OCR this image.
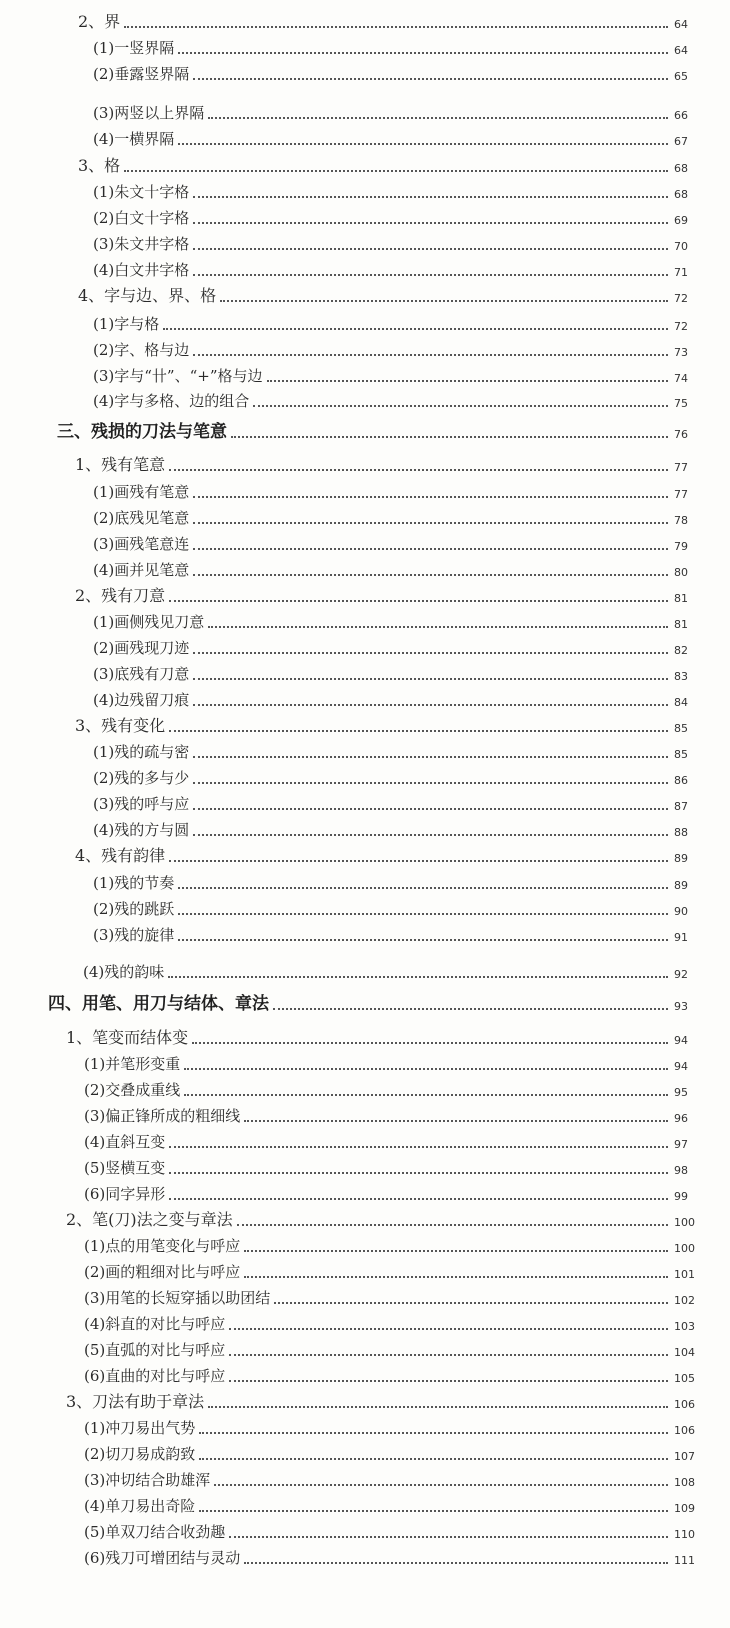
2、界	64
(1)一竖界隔	64
(2)垂露竖界隔	65
(3)两竖以上界隔	66
(4)一横界隔	67
3、格	68
(1)朱文十字格	68
(2)白文十字格	69
(3)朱文井字格	70
(4)白文井字格	71
4、字与边、界、格	72
(1)字与格	72
(2)字、格与边	73
(3)字与“卄”、“+”格与边	74
(4)字与多格、边的组合	75
三、残损的刀法与笔意	76
1、残有笔意	77
(1)画残有笔意	77
(2)底残见笔意	78
(3)画残笔意连	79
(4)画并见笔意	80
2、残有刀意	81
(1)画侧残见刀意	81
(2)画残现刀迹	82
(3)底残有刀意	83
(4)边残留刀痕	84
3、残有变化	85
(1)残的疏与密	85
(2)残的多与少	86
(3)残的呼与应	87
(4)残的方与圆	88
4、残有韵律	89
(1)残的节奏	89
(2)残的跳跃	90
(3)残的旋律	91
(4)残的韵味	92
四、用笔、用刀与结体、章法	93
1、笔变而结体变	94
(1)并笔形变重	94
(2)交叠成重线	95
(3)偏正锋所成的粗细线	96
(4)直斜互变	97
(5)竖横互变	98
(6)同字异形	99
2、笔(刀)法之变与章法	100
(1)点的用笔变化与呼应	100
(2)画的粗细对比与呼应	101
(3)用笔的长短穿插以助团结	102
(4)斜直的对比与呼应	103
(5)直弧的对比与呼应	104
(6)直曲的对比与呼应	105
3、刀法有助于章法	106
(1)冲刀易出气势	106
(2)切刀易成韵致	107
(3)冲切结合助雄浑	108
(4)单刀易出奇险	109
(5)单双刀结合收劲趣	110
(6)残刀可增团结与灵动	111
